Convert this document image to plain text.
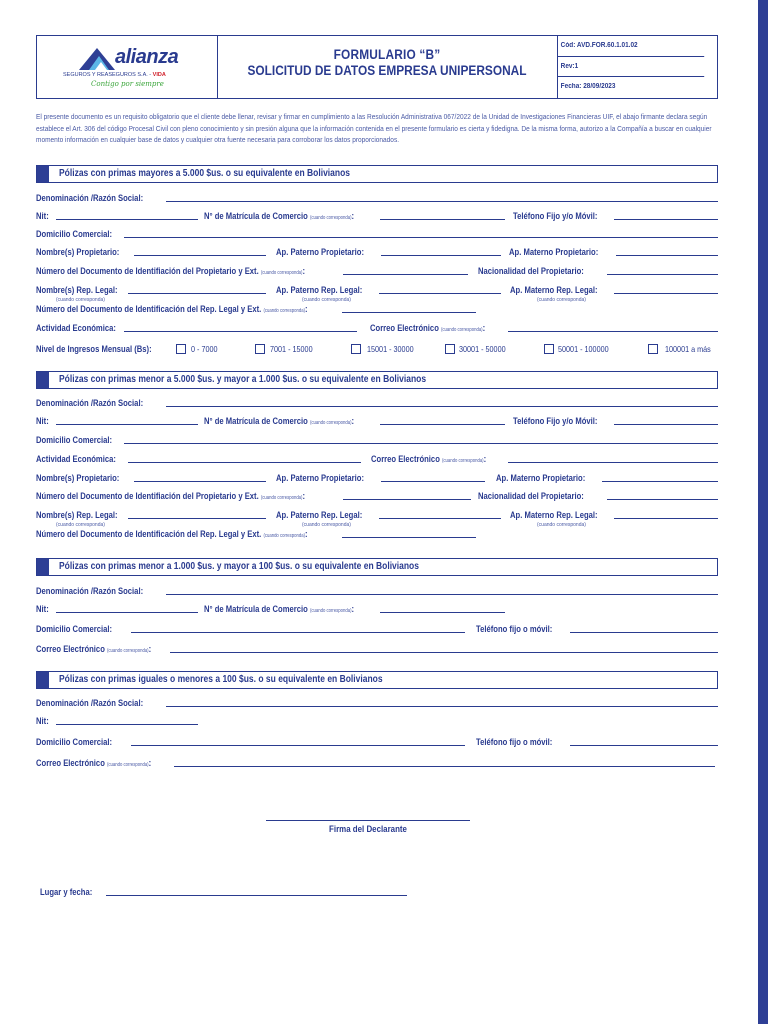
alianza
SEGUROS Y REASEGUROS S.A. - VIDA
Contigo por siempre
FORMULARIO “B”
SOLICITUD DE DATOS EMPRESA UNIPERSONAL
Cód: AVD.FOR.60.1.01.02
Rev:1
Fecha: 28/09/2023
El presente documento es un requisito obligatorio que el cliente debe llenar, revisar y firmar en cumplimiento a las Resolución Administrativa 067/2022 de la Unidad de Investigaciones Financieras UIF, el abajo firmante declara según establece el Art. 306 del código Procesal Civil con pleno conocimiento y sin presión alguna que la información contenida en el presente formulario es cierta y fidedigna. De la misma forma, autorizo a la Compañía a buscar en cualquier momento información en cualquier base de datos y cualquier otra fuente necesaria para corroborar los datos proporcionados.
Pólizas con primas mayores a 5.000 $us. o su equivalente en Bolivianos
Denominación /Razón Social:
Nit:	N° de Matrícula de Comercio (cuando corresponda):	Teléfono Fijo y/o Móvil:
Domicilio Comercial:
Nombre(s) Propietario:	Ap. Paterno Propietario:	Ap. Materno Propietario:
Número del Documento de Identifiación del Propietario y Ext. (cuando corresponda):	Nacionalidad del Propietario:
Nombre(s) Rep. Legal:	Ap. Paterno Rep. Legal:	Ap. Materno Rep. Legal:
(cuando corresponda)	(cuando corresponda)	(cuando corresponda)
Número del Documento de Identificación del Rep. Legal y Ext. (cuando corresponda):
Actividad Económica:	Correo Electrónico (cuando corresponda):
Nivel de Ingresos Mensual (Bs):	0 - 7000	7001 - 15000	15001 - 30000	30001 - 50000	50001 - 100000	100001 a más
Pólizas con primas menor a 5.000 $us. y mayor a 1.000 $us. o su equivalente en Bolivianos
Denominación /Razón Social:
Nit:	N° de Matrícula de Comercio (cuando corresponda):	Teléfono Fijo y/o Móvil:
Domicilio Comercial:
Actividad Económica:	Correo Electrónico (cuando corresponda):
Nombre(s) Propietario:	Ap. Paterno Propietario:	Ap. Materno Propietario:
Número del Documento de Identifiación del Propietario y Ext. (cuando corresponda):	Nacionalidad del Propietario:
Nombre(s) Rep. Legal:	Ap. Paterno Rep. Legal:	Ap. Materno Rep. Legal:
(cuando corresponda)	(cuando corresponda)	(cuando corresponda)
Número del Documento de Identificación del Rep. Legal y Ext. (cuando corresponda):
Pólizas con primas menor a 1.000 $us. y mayor a 100 $us. o su equivalente en Bolivianos
Denominación /Razón Social:
Nit:	N° de Matrícula de Comercio (cuando corresponda):
Domicilio Comercial:	Teléfono fijo o móvil:
Correo Electrónico (cuando corresponda):
Pólizas con primas iguales o menores a 100 $us. o su equivalente en Bolivianos
Denominación /Razón Social:
Nit:
Domicilio Comercial:	Teléfono fijo o móvil:
Correo Electrónico (cuando corresponda):
Firma del Declarante
Lugar y fecha:
